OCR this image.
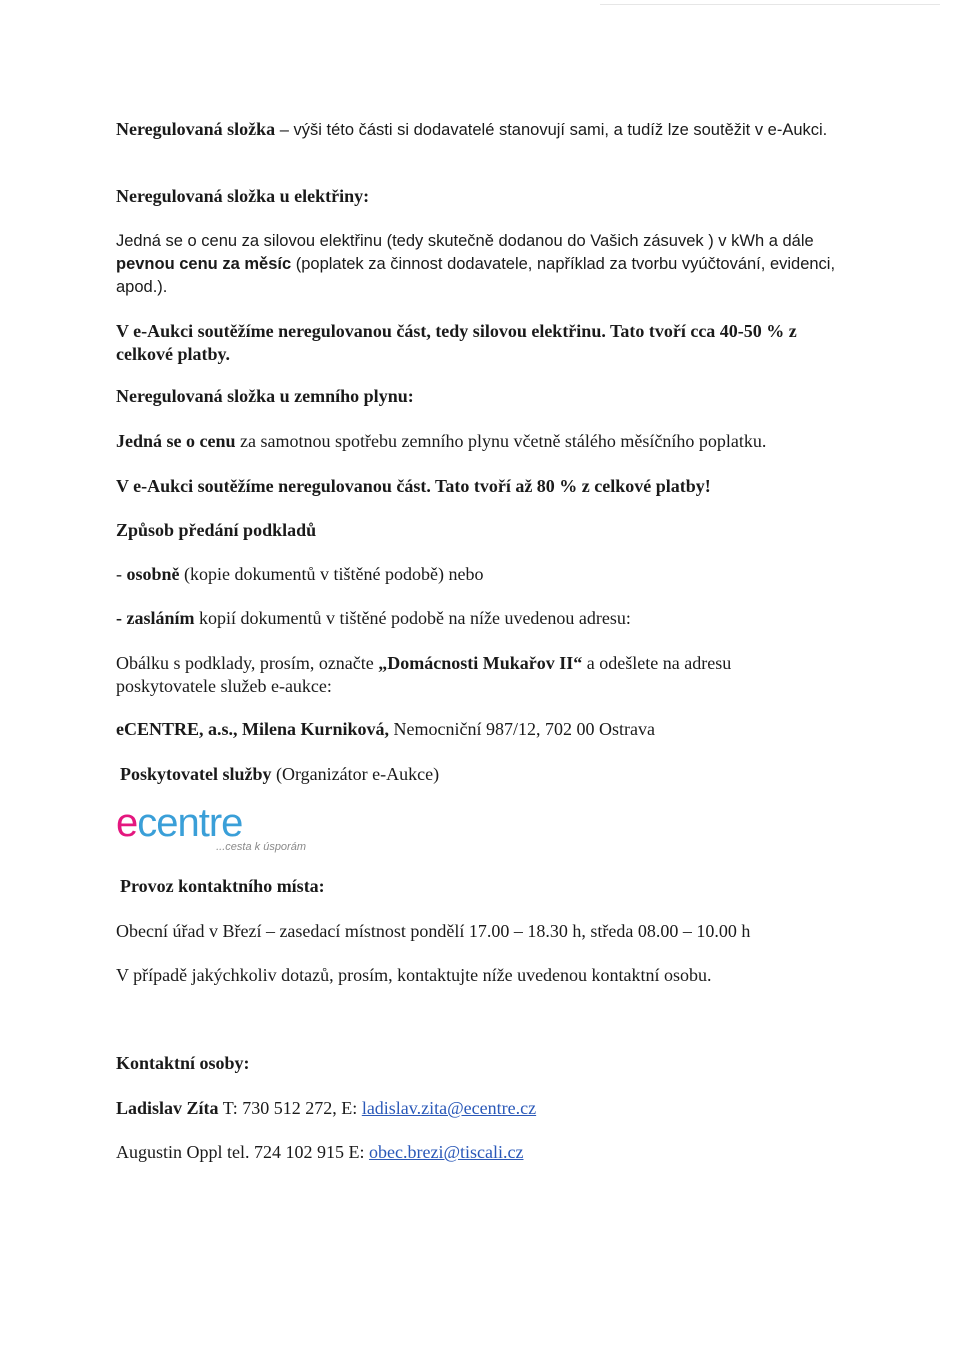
Neregulovaná složka – výši této části si dodavatelé stanovují sami, a tudíž lze soutěžit v e-Aukci.
Neregulovaná složka u elektřiny:
Jedná se o cenu za silovou elektřinu (tedy skutečně dodanou do Vašich zásuvek ) v kWh a dále pevnou cenu za měsíc (poplatek za činnost dodavatele, například za tvorbu vyúčtování, evidenci, apod.).
V e-Aukci soutěžíme neregulovanou část, tedy silovou elektřinu. Tato tvoří cca 40-50 % z celkové platby.
Neregulovaná složka u zemního plynu:
Jedná se o cenu za samotnou spotřebu zemního plynu včetně stálého měsíčního poplatku.
V e-Aukci soutěžíme neregulovanou část. Tato tvoří až 80 % z celkové platby!
Způsob předání podkladů
- osobně (kopie dokumentů v tištěné podobě) nebo
- zasláním kopií dokumentů v tištěné podobě na níže uvedenou adresu:
Obálku s podklady, prosím, označte „Domácnosti Mukařov II“ a odešlete na adresu poskytovatele služeb e-aukce:
eCENTRE, a.s., Milena Kurniková, Nemocniční 987/12, 702 00 Ostrava
Poskytovatel služby (Organizátor e-Aukce)
ecentre
...cesta k úsporám
Provoz kontaktního místa:
Obecní úřad v Březí – zasedací místnost pondělí 17.00 – 18.30 h, středa 08.00 – 10.00 h
V případě jakýchkoliv dotazů, prosím, kontaktujte níže uvedenou kontaktní osobu.
Kontaktní osoby:
Ladislav Zíta T: 730 512 272, E: ladislav.zita@ecentre.cz
Augustin Oppl tel. 724 102 915 E: obec.brezi@tiscali.cz
